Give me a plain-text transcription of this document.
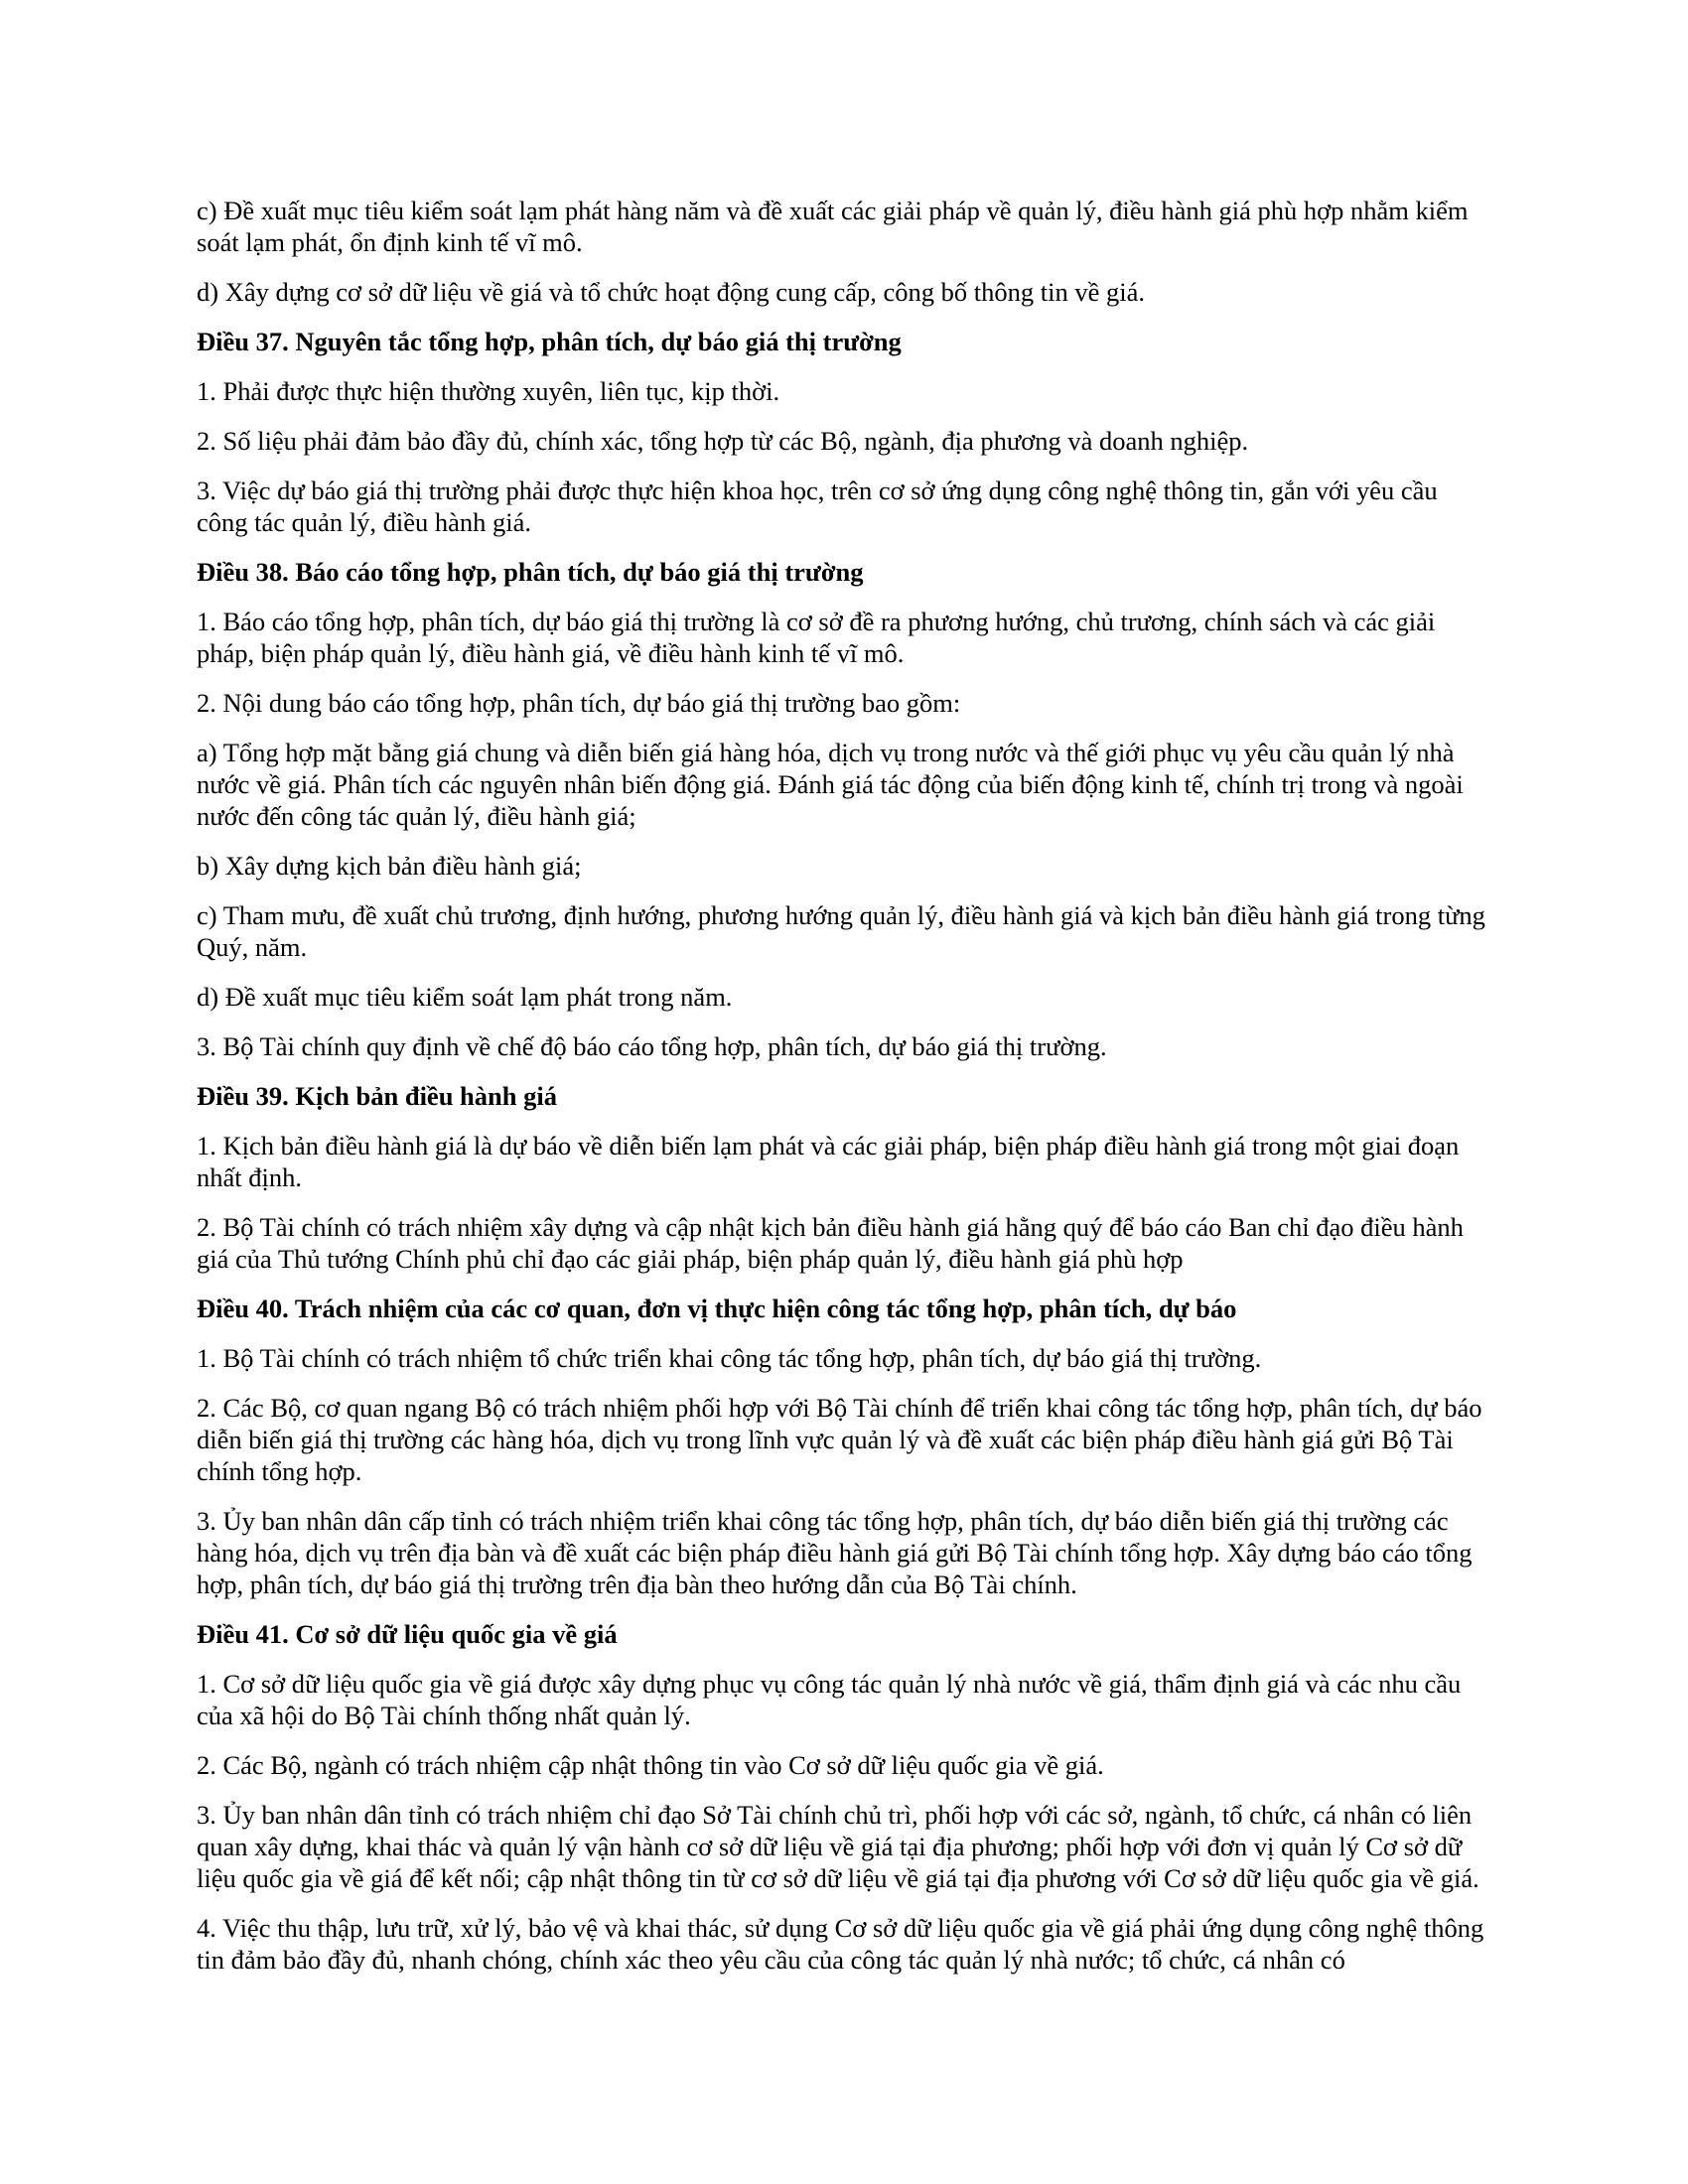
c) Đề xuất mục tiêu kiểm soát lạm phát hàng năm và đề xuất các giải pháp về quản lý, điều hành giá phù hợp nhằm kiểm soát lạm phát, ổn định kinh tế vĩ mô.

d) Xây dựng cơ sở dữ liệu về giá và tổ chức hoạt động cung cấp, công bố thông tin về giá.

Điều 37. Nguyên tắc tổng hợp, phân tích, dự báo giá thị trường

1. Phải được thực hiện thường xuyên, liên tục, kịp thời.

2. Số liệu phải đảm bảo đầy đủ, chính xác, tổng hợp từ các Bộ, ngành, địa phương và doanh nghiệp.

3. Việc dự báo giá thị trường phải được thực hiện khoa học, trên cơ sở ứng dụng công nghệ thông tin, gắn với yêu cầu công tác quản lý, điều hành giá.

Điều 38. Báo cáo tổng hợp, phân tích, dự báo giá thị trường

1. Báo cáo tổng hợp, phân tích, dự báo giá thị trường là cơ sở đề ra phương hướng, chủ trương, chính sách và các giải pháp, biện pháp quản lý, điều hành giá, về điều hành kinh tế vĩ mô.

2. Nội dung báo cáo tổng hợp, phân tích, dự báo giá thị trường bao gồm:

a) Tổng hợp mặt bằng giá chung và diễn biến giá hàng hóa, dịch vụ trong nước và thế giới phục vụ yêu cầu quản lý nhà nước về giá. Phân tích các nguyên nhân biến động giá. Đánh giá tác động của biến động kinh tế, chính trị trong và ngoài nước đến công tác quản lý, điều hành giá;

b) Xây dựng kịch bản điều hành giá;

c) Tham mưu, đề xuất chủ trương, định hướng, phương hướng quản lý, điều hành giá và kịch bản điều hành giá trong từng Quý, năm.

d) Đề xuất mục tiêu kiểm soát lạm phát trong năm.

3. Bộ Tài chính quy định về chế độ báo cáo tổng hợp, phân tích, dự báo giá thị trường.

Điều 39. Kịch bản điều hành giá

1. Kịch bản điều hành giá là dự báo về diễn biến lạm phát và các giải pháp, biện pháp điều hành giá trong một giai đoạn nhất định.

2. Bộ Tài chính có trách nhiệm xây dựng và cập nhật kịch bản điều hành giá hằng quý để báo cáo Ban chỉ đạo điều hành giá của Thủ tướng Chính phủ chỉ đạo các giải pháp, biện pháp quản lý, điều hành giá phù hợp

Điều 40. Trách nhiệm của các cơ quan, đơn vị thực hiện công tác tổng hợp, phân tích, dự báo

1. Bộ Tài chính có trách nhiệm tổ chức triển khai công tác tổng hợp, phân tích, dự báo giá thị trường.

2. Các Bộ, cơ quan ngang Bộ có trách nhiệm phối hợp với Bộ Tài chính để triển khai công tác tổng hợp, phân tích, dự báo diễn biến giá thị trường các hàng hóa, dịch vụ trong lĩnh vực quản lý và đề xuất các biện pháp điều hành giá gửi Bộ Tài chính tổng hợp.

3. Ủy ban nhân dân cấp tỉnh có trách nhiệm triển khai công tác tổng hợp, phân tích, dự báo diễn biến giá thị trường các hàng hóa, dịch vụ trên địa bàn và đề xuất các biện pháp điều hành giá gửi Bộ Tài chính tổng hợp. Xây dựng báo cáo tổng hợp, phân tích, dự báo giá thị trường trên địa bàn theo hướng dẫn của Bộ Tài chính.

Điều 41. Cơ sở dữ liệu quốc gia về giá

1. Cơ sở dữ liệu quốc gia về giá được xây dựng phục vụ công tác quản lý nhà nước về giá, thẩm định giá và các nhu cầu của xã hội do Bộ Tài chính thống nhất quản lý.

2. Các Bộ, ngành có trách nhiệm cập nhật thông tin vào Cơ sở dữ liệu quốc gia về giá.

3. Ủy ban nhân dân tỉnh có trách nhiệm chỉ đạo Sở Tài chính chủ trì, phối hợp với các sở, ngành, tổ chức, cá nhân có liên quan xây dựng, khai thác và quản lý vận hành cơ sở dữ liệu về giá tại địa phương; phối hợp với đơn vị quản lý Cơ sở dữ liệu quốc gia về giá để kết nối; cập nhật thông tin từ cơ sở dữ liệu về giá tại địa phương với Cơ sở dữ liệu quốc gia về giá.

4. Việc thu thập, lưu trữ, xử lý, bảo vệ và khai thác, sử dụng Cơ sở dữ liệu quốc gia về giá phải ứng dụng công nghệ thông tin đảm bảo đầy đủ, nhanh chóng, chính xác theo yêu cầu của công tác quản lý nhà nước; tổ chức, cá nhân có
